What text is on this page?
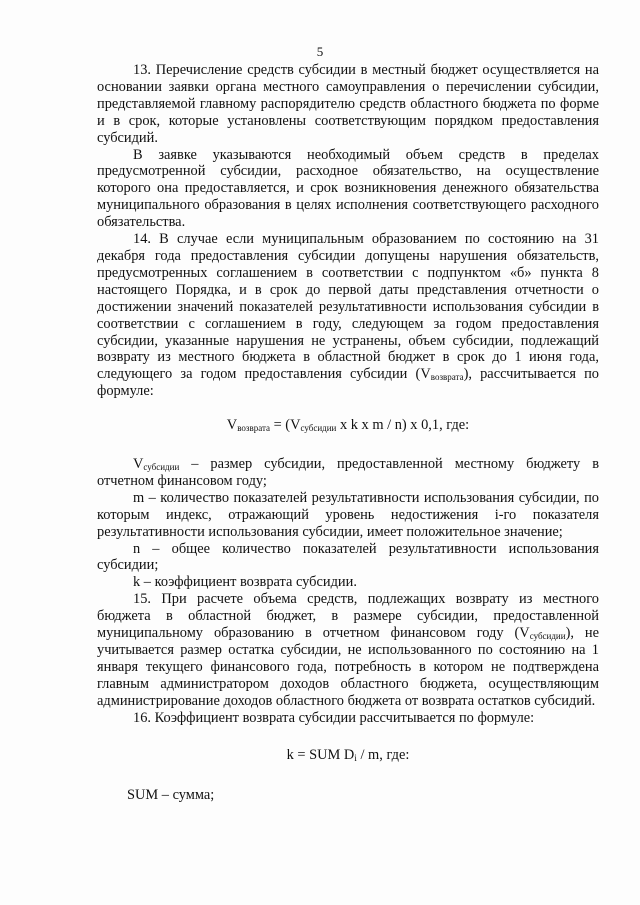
5

13. Перечисление средств субсидии в местный бюджет осуществляется на основании заявки органа местного самоуправления о перечислении субсидии, представляемой главному распорядителю средств областного бюджета по форме и в срок, которые установлены соответствующим порядком предоставления субсидий.

В заявке указываются необходимый объем средств в пределах предусмотренной субсидии, расходное обязательство, на осуществление которого она предоставляется, и срок возникновения денежного обязательства муниципального образования в целях исполнения соответствующего расходного обязательства.

14. В случае если муниципальным образованием по состоянию на 31 декабря года предоставления субсидии допущены нарушения обязательств, предусмотренных соглашением в соответствии с подпунктом «б» пункта 8 настоящего Порядка, и в срок до первой даты представления отчетности о достижении значений показателей результативности использования субсидии в соответствии с соглашением в году, следующем за годом предоставления субсидии, указанные нарушения не устранены, объем субсидии, подлежащий возврату из местного бюджета в областной бюджет в срок до 1 июня года, следующего за годом предоставления субсидии $(V_{возврата})$, рассчитывается по формуле:

$V_{возврата} = (V_{субсидии}$ x k x m / n) x 0,1, где:

$V_{субсидии}$ – размер субсидии, предоставленной местному бюджету в отчетном финансовом году;

m – количество показателей результативности использования субсидии, по которым индекс, отражающий уровень недостижения i-го показателя результативности использования субсидии, имеет положительное значение;

n – общее количество показателей результативности использования субсидии;

k – коэффициент возврата субсидии.

15. При расчете объема средств, подлежащих возврату из местного бюджета в областной бюджет, в размере субсидии, предоставленной муниципальному образованию в отчетном финансовом году $(V_{субсидии})$, не учитывается размер остатка субсидии, не использованного по состоянию на 1 января текущего финансового года, потребность в котором не подтверждена главным администратором доходов областного бюджета, осуществляющим администрирование доходов областного бюджета от возврата остатков субсидий.

16. Коэффициент возврата субсидии рассчитывается по формуле:

k = SUM $D_i$ / m, где:

SUM – сумма;
